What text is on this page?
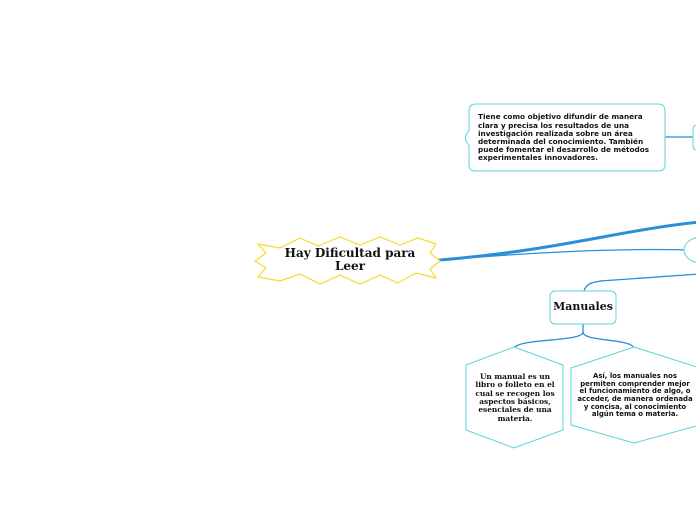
Hay Dificultad para Leer
Tiene como objetivo difundir de manera clara y precisa los resultados de una investigación realizada sobre un área determinada del conocimiento. También puede fomentar el desarrollo de métodos experimentales innovadores.
Manuales
Un manual es un libro o folleto en el cual se recogen los aspectos básicos, esenciales de una materia.
Así, los manuales nos permiten comprender mejor el funcionamiento de algo, o acceder, de manera ordenada y concisa, al conocimiento algún tema o materia.
